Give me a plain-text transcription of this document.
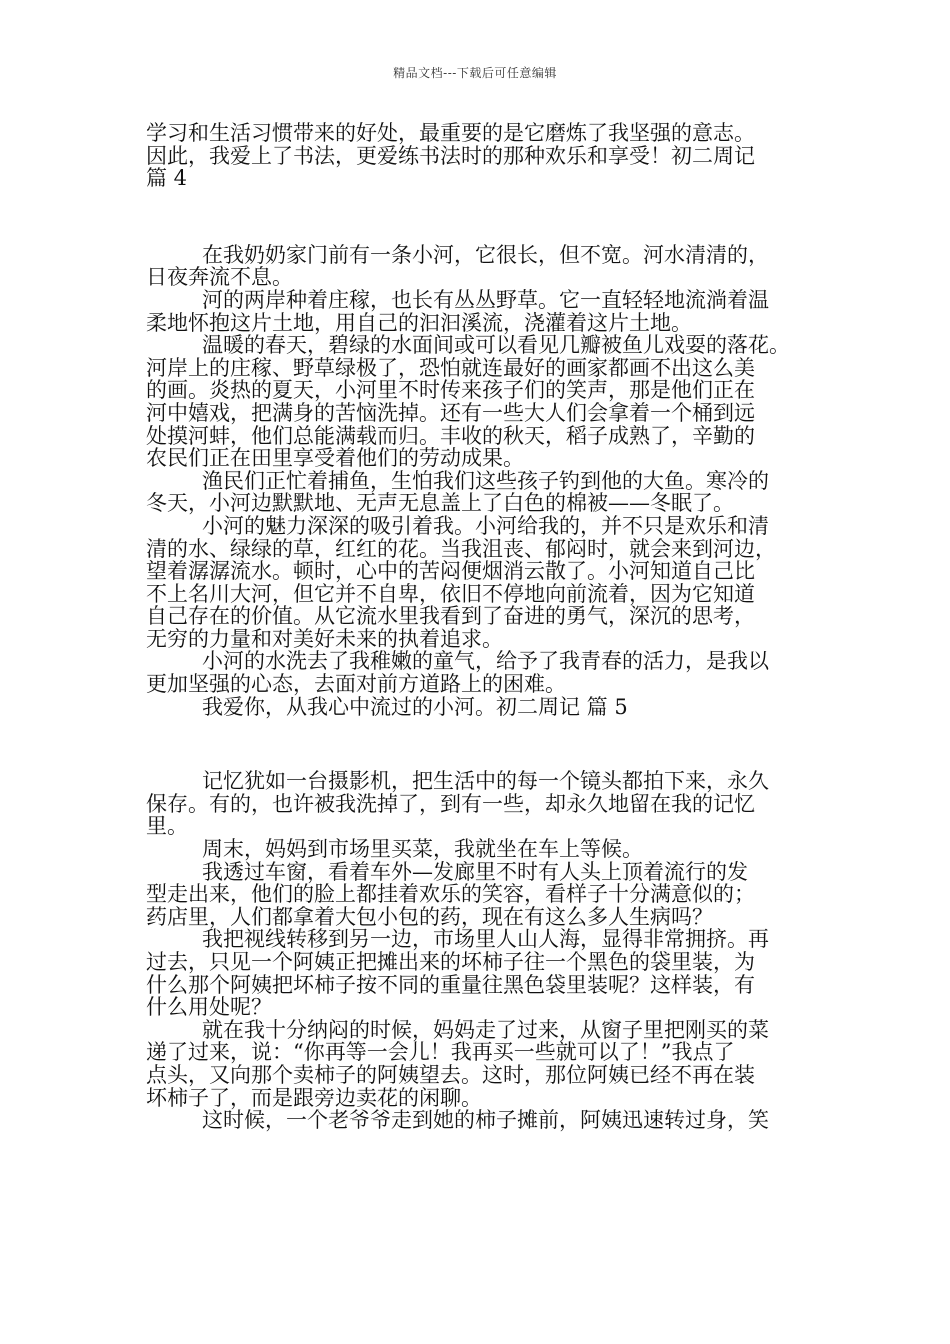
精品文档---下载后可任意编辑
学习和生活习惯带来的好处，最重要的是它磨炼了我坚强的意志。
因此，我爱上了书法，更爱练书法时的那种欢乐和享受！初二周记
篇 4
在我奶奶家门前有一条小河，它很长，但不宽。河水清清的，
日夜奔流不息。
河的两岸种着庄稼，也长有丛丛野草。它一直轻轻地流淌着温
柔地怀抱这片土地，用自己的汩汩溪流，浇灌着这片土地。
温暖的春天，碧绿的水面间或可以看见几瓣被鱼儿戏耍的落花。
河岸上的庄稼、野草绿极了，恐怕就连最好的画家都画不出这么美
的画。炎热的夏天，小河里不时传来孩子们的笑声，那是他们正在
河中嬉戏，把满身的苦恼洗掉。还有一些大人们会拿着一个桶到远
处摸河蚌，他们总能满载而归。丰收的秋天，稻子成熟了，辛勤的
农民们正在田里享受着他们的劳动成果。
渔民们正忙着捕鱼，生怕我们这些孩子钓到他的大鱼。寒冷的
冬天，小河边默默地、无声无息盖上了白色的棉被——冬眠了。
小河的魅力深深的吸引着我。小河给我的，并不只是欢乐和清
清的水、绿绿的草，红红的花。当我沮丧、郁闷时，就会来到河边，
望着潺潺流水。顿时，心中的苦闷便烟消云散了。小河知道自己比
不上名川大河，但它并不自卑，依旧不停地向前流着，因为它知道
自己存在的价值。从它流水里我看到了奋进的勇气，深沉的思考，
无穷的力量和对美好未来的执着追求。
小河的水洗去了我稚嫩的童气，给予了我青春的活力，是我以
更加坚强的心态，去面对前方道路上的困难。
我爱你，从我心中流过的小河。初二周记 篇 5
记忆犹如一台摄影机，把生活中的每一个镜头都拍下来，永久
保存。有的，也许被我洗掉了，到有一些，却永久地留在我的记忆
里。
周末，妈妈到市场里买菜，我就坐在车上等候。
我透过车窗，看着车外—发廊里不时有人头上顶着流行的发
型走出来，他们的脸上都挂着欢乐的笑容，看样子十分满意似的；
药店里，人们都拿着大包小包的药，现在有这么多人生病吗？
我把视线转移到另一边，市场里人山人海，显得非常拥挤。再
过去，只见一个阿姨正把摊出来的坏柿子往一个黑色的袋里装，为
什么那个阿姨把坏柿子按不同的重量往黑色袋里装呢？这样装，有
什么用处呢？
就在我十分纳闷的时候，妈妈走了过来，从窗子里把刚买的菜
递了过来，说：“你再等一会儿！我再买一些就可以了！”我点了
点头，又向那个卖柿子的阿姨望去。这时，那位阿姨已经不再在装
坏柿子了，而是跟旁边卖花的闲聊。
这时候，一个老爷爷走到她的柿子摊前，阿姨迅速转过身，笑
